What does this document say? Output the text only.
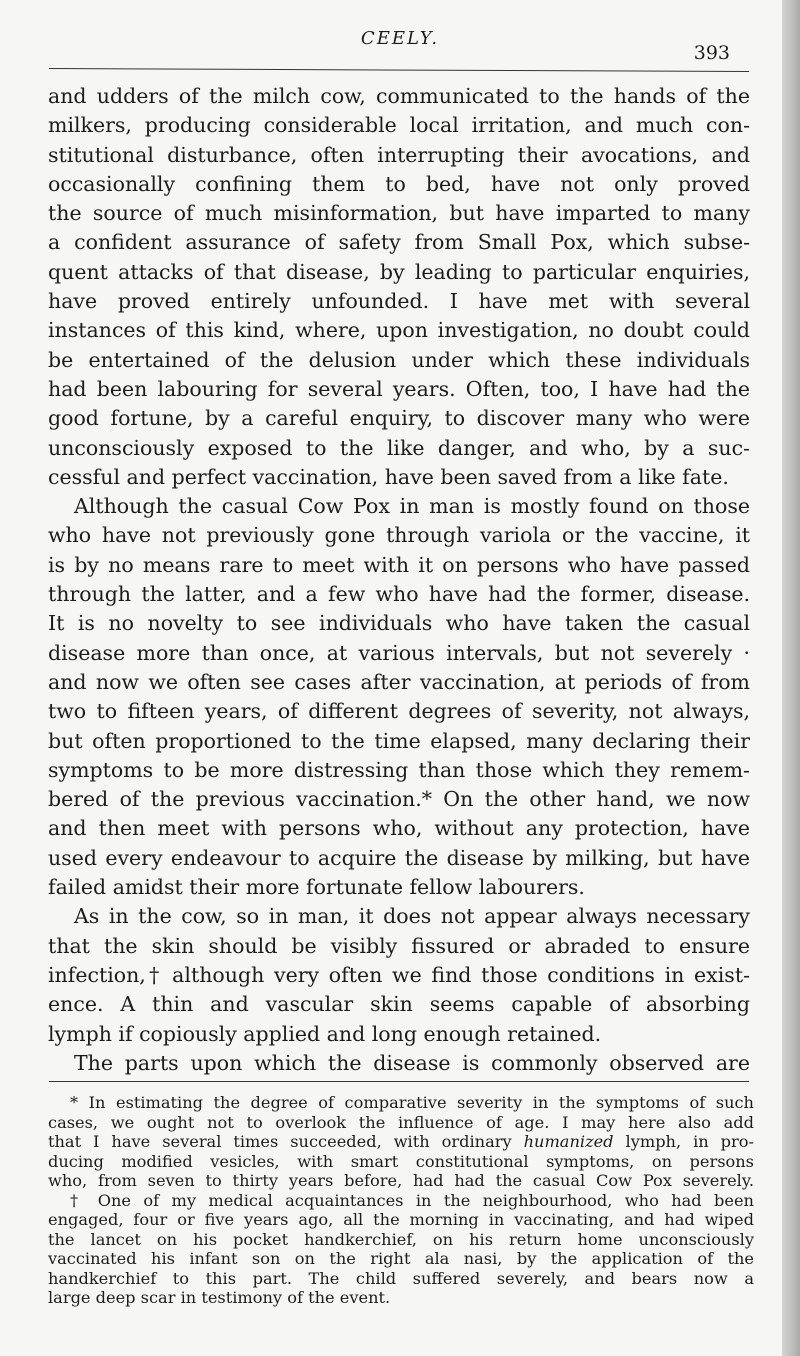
CEELY.
393

and udders of the milch cow, communicated to the hands of the
milkers, producing considerable local irritation, and much con-
stitutional disturbance, often interrupting their avocations, and
occasionally confining them to bed, have not only proved
the source of much misinformation, but have imparted to many
a confident assurance of safety from Small Pox, which subse-
quent attacks of that disease, by leading to particular enquiries,
have proved entirely unfounded. I have met with several
instances of this kind, where, upon investigation, no doubt could
be entertained of the delusion under which these individuals
had been labouring for several years. Often, too, I have had the
good fortune, by a careful enquiry, to discover many who were
unconsciously exposed to the like danger, and who, by a suc-
cessful and perfect vaccination, have been saved from a like fate.

Although the casual Cow Pox in man is mostly found on those
who have not previously gone through variola or the vaccine, it
is by no means rare to meet with it on persons who have passed
through the latter, and a few who have had the former, disease.
It is no novelty to see individuals who have taken the casual
disease more than once, at various intervals, but not severely ·
and now we often see cases after vaccination, at periods of from
two to fifteen years, of different degrees of severity, not always,
but often proportioned to the time elapsed, many declaring their
symptoms to be more distressing than those which they remem-
bered of the previous vaccination.* On the other hand, we now
and then meet with persons who, without any protection, have
used every endeavour to acquire the disease by milking, but have
failed amidst their more fortunate fellow labourers.

As in the cow, so in man, it does not appear always necessary
that the skin should be visibly fissured or abraded to ensure
infection,† although very often we find those conditions in exist-
ence. A thin and vascular skin seems capable of absorbing
lymph if copiously applied and long enough retained.

The parts upon which the disease is commonly observed are

* In estimating the degree of comparative severity in the symptoms of such
cases, we ought not to overlook the influence of age. I may here also add
that I have several times succeeded, with ordinary humanized lymph, in pro-
ducing modified vesicles, with smart constitutional symptoms, on persons
who, from seven to thirty years before, had had the casual Cow Pox severely.
† One of my medical acquaintances in the neighbourhood, who had been
engaged, four or five years ago, all the morning in vaccinating, and had wiped
the lancet on his pocket handkerchief, on his return home unconsciously
vaccinated his infant son on the right ala nasi, by the application of the
handkerchief to this part. The child suffered severely, and bears now a
large deep scar in testimony of the event.
